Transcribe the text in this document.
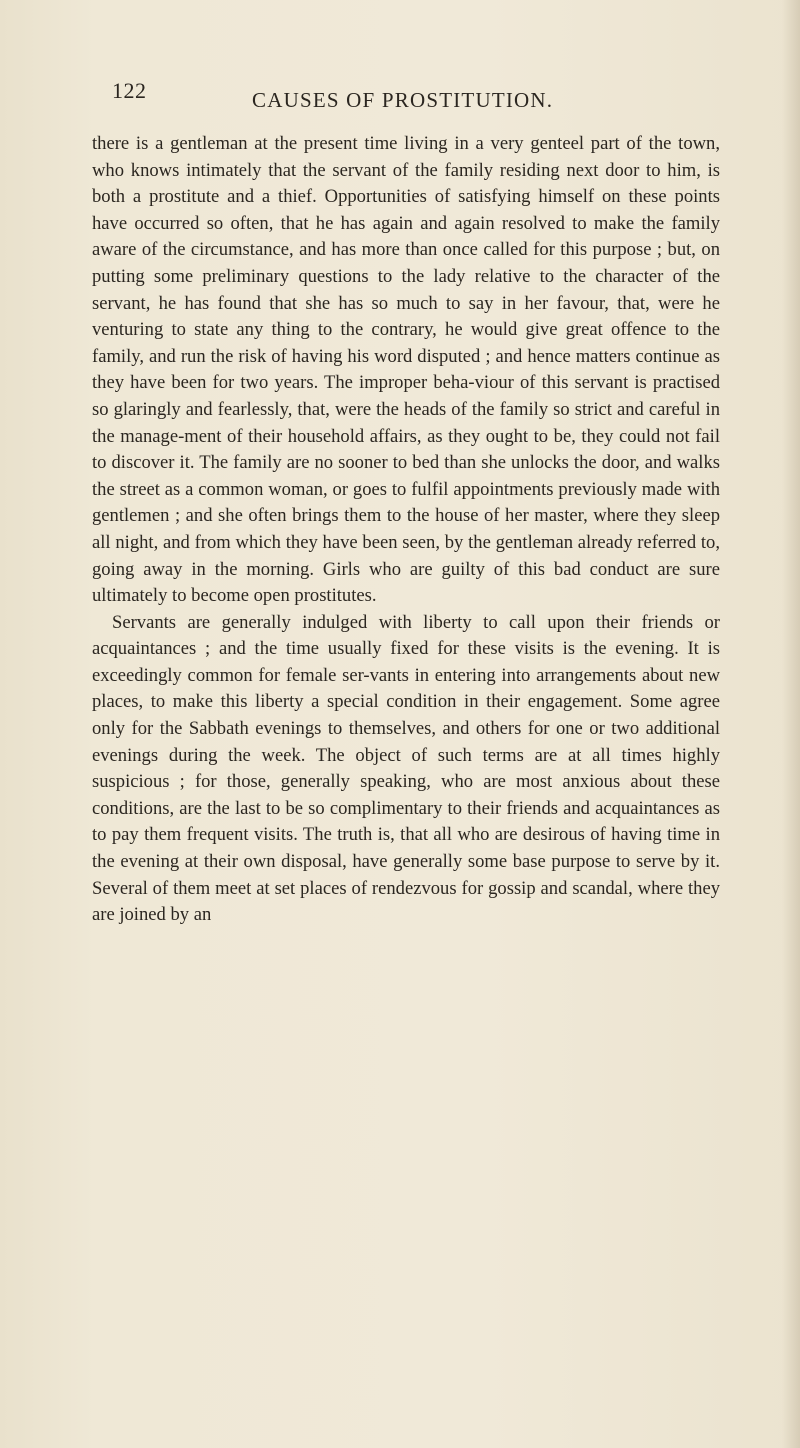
122	CAUSES OF PROSTITUTION.

there is a gentleman at the present time living in a very genteel part of the town, who knows intimately that the servant of the family residing next door to him, is both a prostitute and a thief. Opportunities of satisfying himself on these points have occurred so often, that he has again and again resolved to make the family aware of the circumstance, and has more than once called for this purpose ; but, on putting some preliminary questions to the lady relative to the character of the servant, he has found that she has so much to say in her favour, that, were he venturing to state any thing to the contrary, he would give great offence to the family, and run the risk of having his word disputed ; and hence matters continue as they have been for two years. The improper beha-viour of this servant is practised so glaringly and fearlessly, that, were the heads of the family so strict and careful in the manage-ment of their household affairs, as they ought to be, they could not fail to discover it. The family are no sooner to bed than she unlocks the door, and walks the street as a common woman, or goes to fulfil appointments previously made with gentlemen ; and she often brings them to the house of her master, where they sleep all night, and from which they have been seen, by the gentleman already referred to, going away in the morning. Girls who are guilty of this bad conduct are sure ultimately to become open prostitutes.

Servants are generally indulged with liberty to call upon their friends or acquaintances ; and the time usually fixed for these visits is the evening. It is exceedingly common for female ser-vants in entering into arrangements about new places, to make this liberty a special condition in their engagement. Some agree only for the Sabbath evenings to themselves, and others for one or two additional evenings during the week. The object of such terms are at all times highly suspicious ; for those, generally speaking, who are most anxious about these conditions, are the last to be so complimentary to their friends and acquaintances as to pay them frequent visits. The truth is, that all who are desirous of having time in the evening at their own disposal, have generally some base purpose to serve by it. Several of them meet at set places of rendezvous for gossip and scandal, where they are joined by an
